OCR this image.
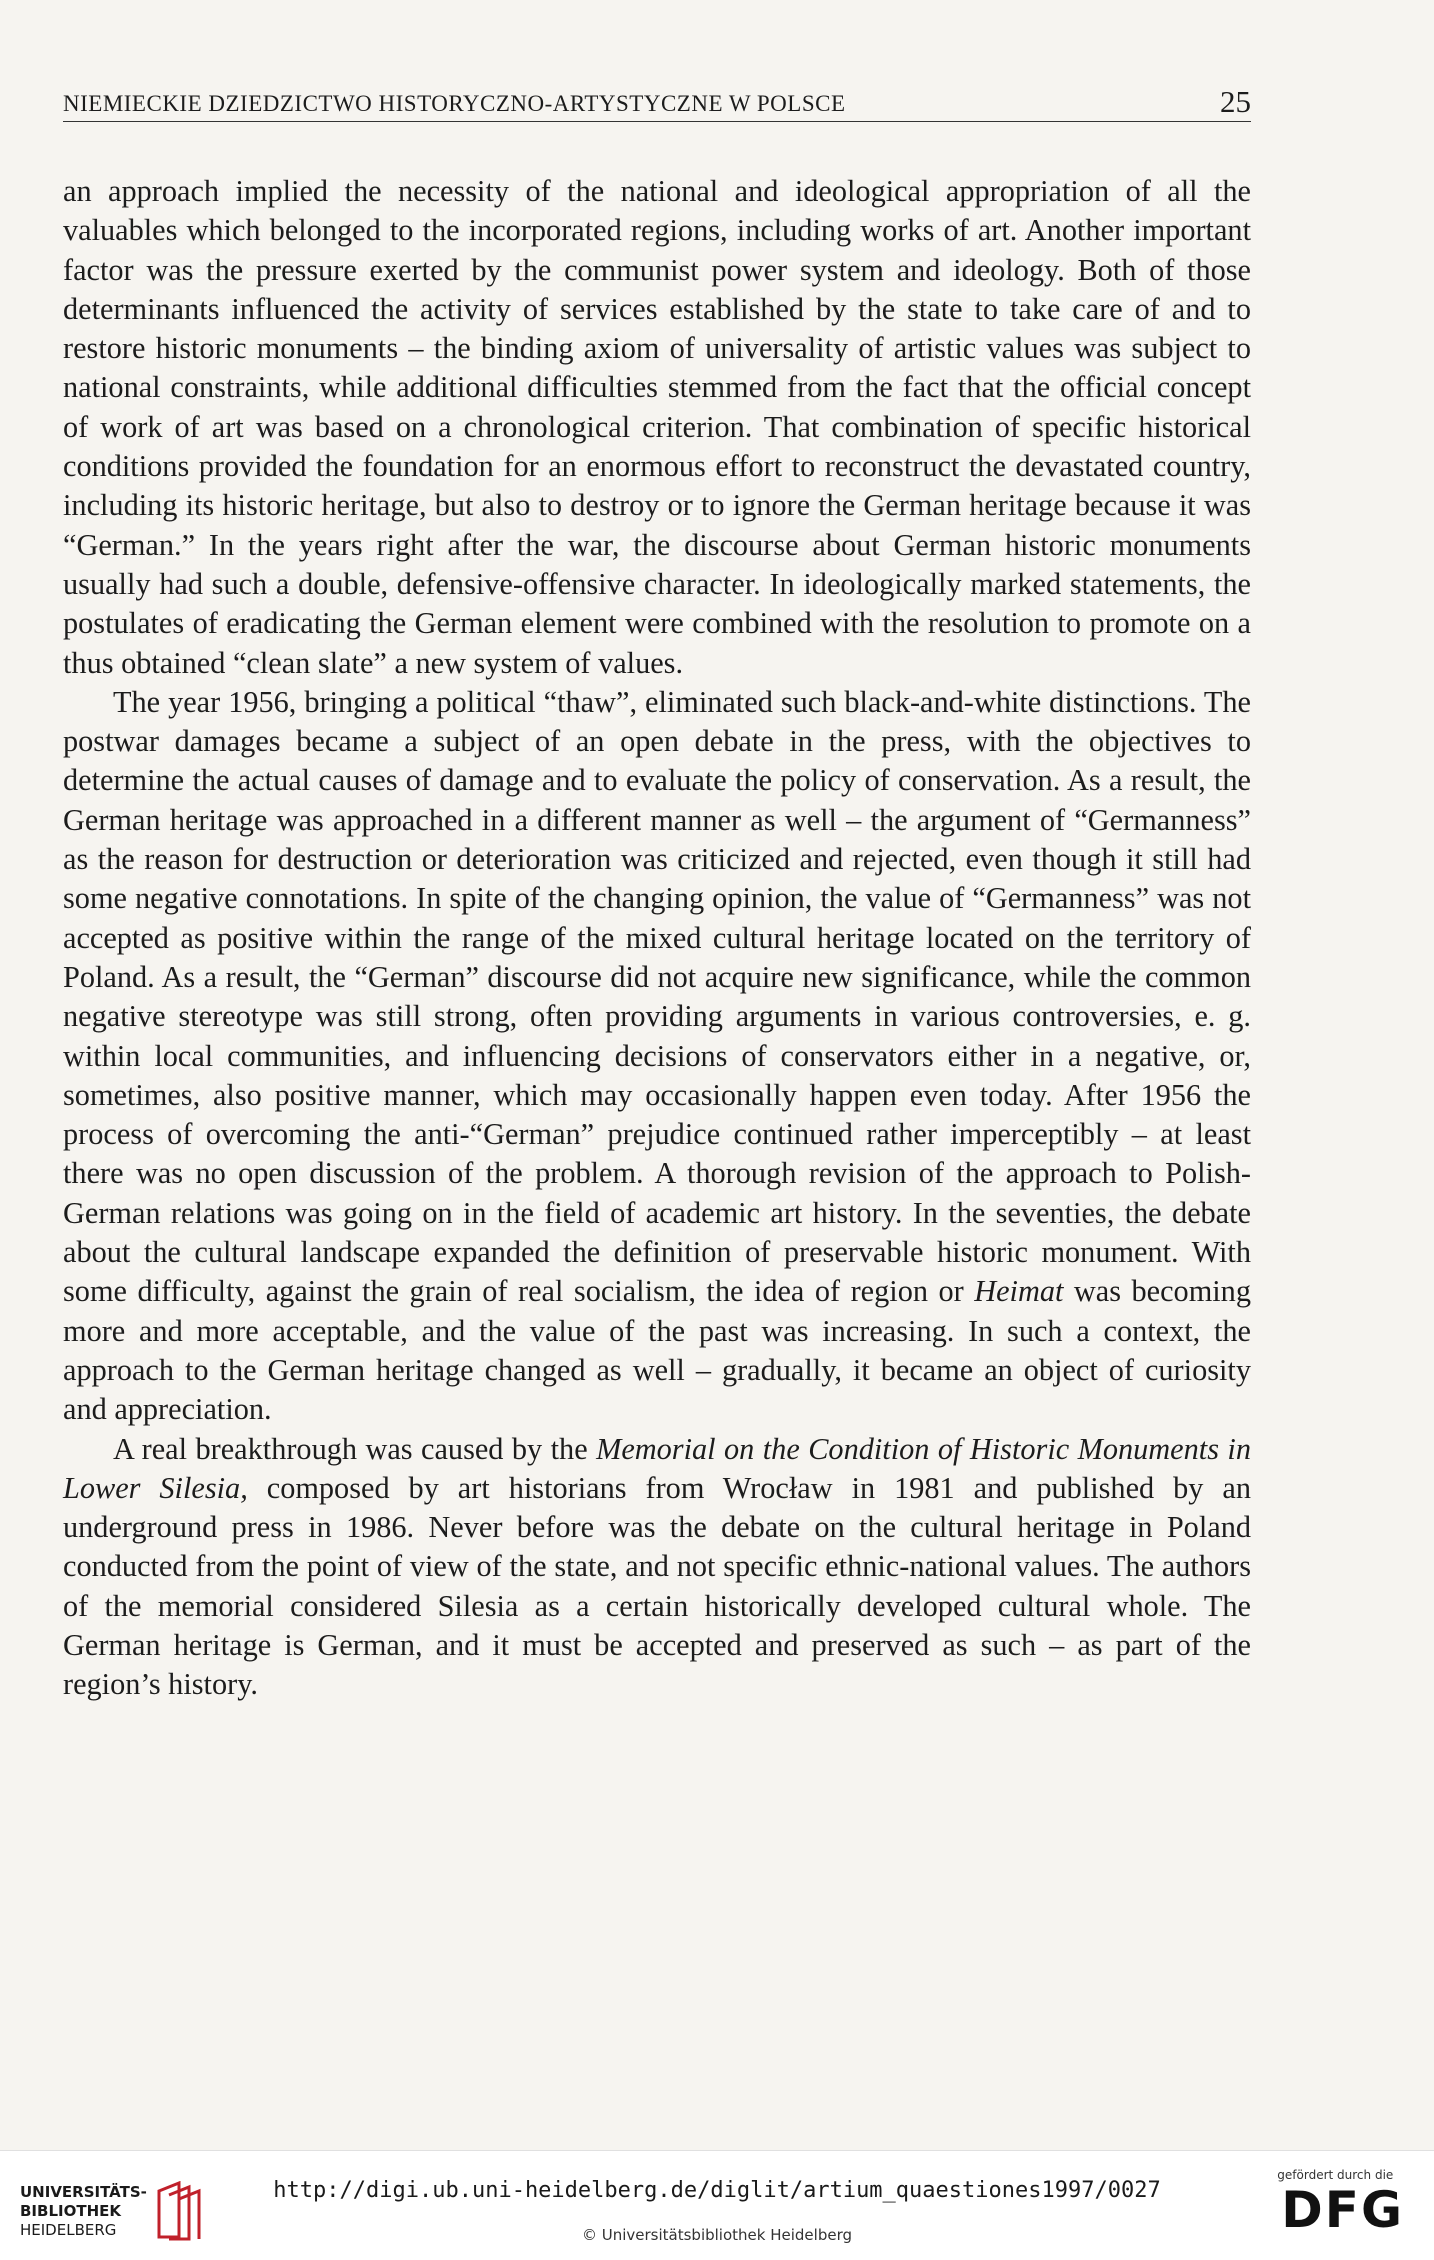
NIEMIECKIE DZIEDZICTWO HISTORYCZNO-ARTYSTYCZNE W POLSCE	25

an approach implied the necessity of the national and ideological appropriation of all the valuables which belonged to the incorporated regions, including works of art. Another important factor was the pressure exerted by the communist power system and ideology. Both of those determinants influenced the activity of services established by the state to take care of and to restore historic monuments – the binding axiom of universality of artistic values was subject to national constraints, while additional difficulties stemmed from the fact that the official concept of work of art was based on a chronological criterion. That combination of specific historical conditions provided the foundation for an enormous effort to reconstruct the devastated country, including its historic heritage, but also to destroy or to ignore the German heritage because it was “German.” In the years right after the war, the discourse about German historic monuments usually had such a double, defensive-offensive character. In ideologically marked statements, the postulates of eradicating the German element were combined with the resolution to promote on a thus obtained “clean slate” a new system of values.

The year 1956, bringing a political “thaw”, eliminated such black-and-white distinctions. The postwar damages became a subject of an open debate in the press, with the objectives to determine the actual causes of damage and to evaluate the policy of conservation. As a result, the German heritage was approached in a different manner as well – the argument of “Germanness” as the reason for destruction or deterioration was criticized and rejected, even though it still had some negative connotations. In spite of the changing opinion, the value of “Germanness” was not accepted as positive within the range of the mixed cultural heritage located on the territory of Poland. As a result, the “German” discourse did not acquire new significance, while the common negative stereotype was still strong, often providing arguments in various controversies, e. g. within local communities, and influencing decisions of conservators either in a negative, or, sometimes, also positive manner, which may occasionally happen even today. After 1956 the process of overcoming the anti-“German” prejudice continued rather imperceptibly – at least there was no open discussion of the problem. A thorough revision of the approach to Polish-German relations was going on in the field of academic art history. In the seventies, the debate about the cultural landscape expanded the definition of preservable historic monument. With some difficulty, against the grain of real socialism, the idea of region or Heimat was becoming more and more acceptable, and the value of the past was increasing. In such a context, the approach to the German heritage changed as well – gradually, it became an object of curiosity and appreciation.

A real breakthrough was caused by the Memorial on the Condition of Historic Monuments in Lower Silesia, composed by art historians from Wrocław in 1981 and published by an underground press in 1986. Never before was the debate on the cultural heritage in Poland conducted from the point of view of the state, and not specific ethnic-national values. The authors of the memorial considered Silesia as a certain historically developed cultural whole. The German heritage is German, and it must be accepted and preserved as such – as part of the region’s history.

UNIVERSITÄTS-
BIBLIOTHEK
HEIDELBERG
http://digi.ub.uni-heidelberg.de/diglit/artium_quaestiones1997/0027
© Universitätsbibliothek Heidelberg
gefördert durch die
DFG
